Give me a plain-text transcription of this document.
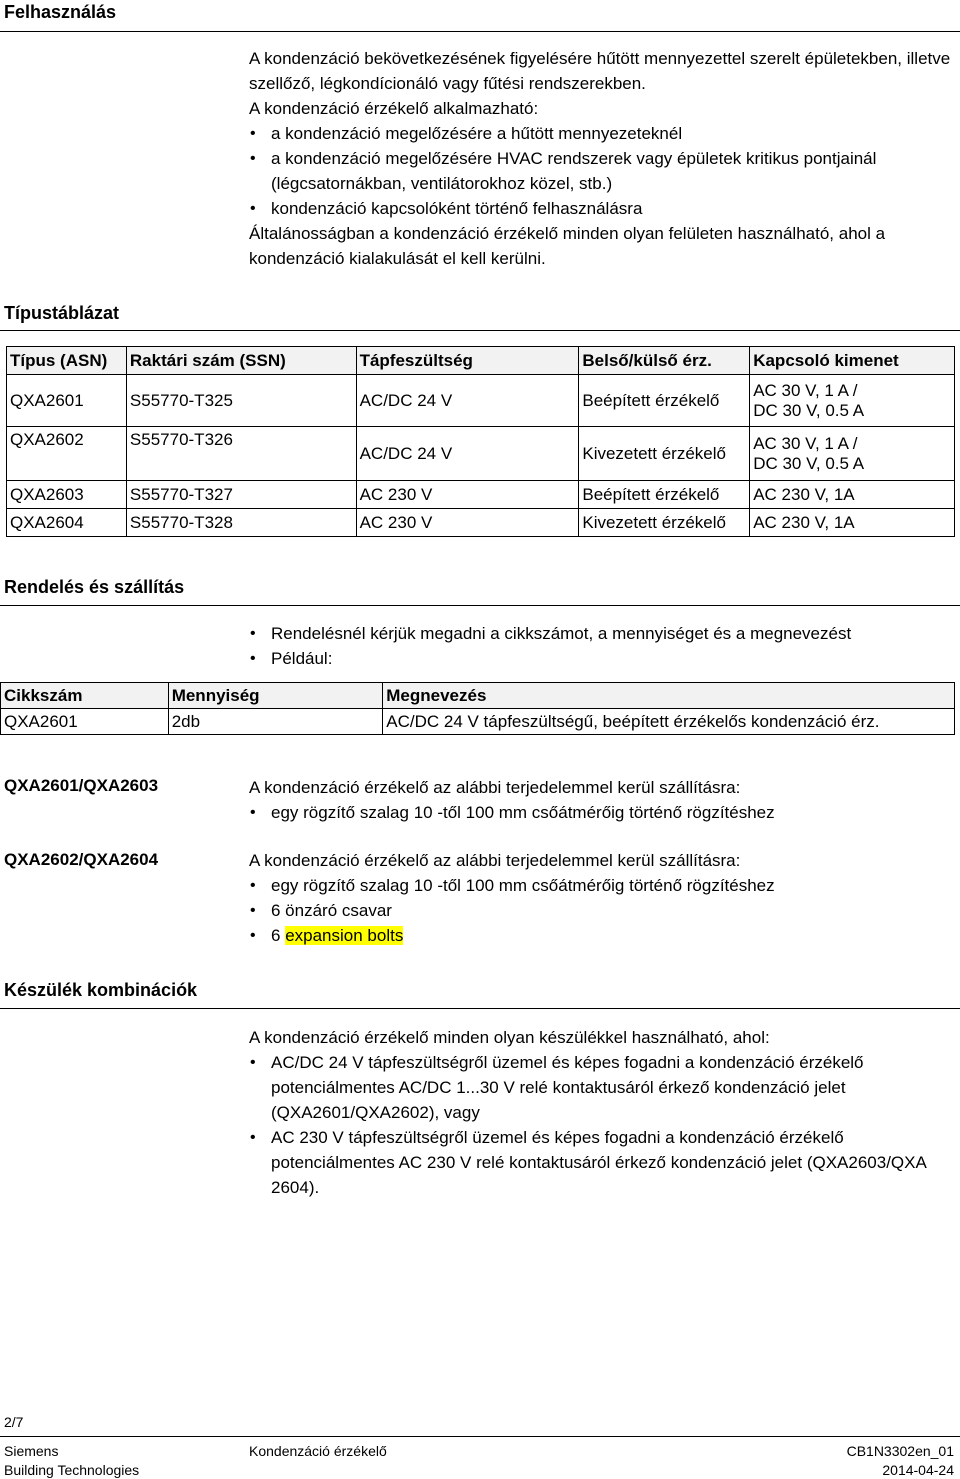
Felhasználás
A kondenzáció bekövetkezésének figyelésére hűtött mennyezettel szerelt épületekben, illetve szellőző, légkondícionáló vagy fűtési rendszerekben.
A kondenzáció érzékelő alkalmazható:
• a kondenzáció megelőzésére a hűtött mennyezeteknél
• a kondenzáció megelőzésére HVAC rendszerek vagy épületek kritikus pontjainál (légcsatornákban, ventilátorokhoz közel, stb.)
• kondenzáció kapcsolóként történő felhasználásra
Általánosságban a kondenzáció érzékelő minden olyan felületen használható, ahol a kondenzáció kialakulását el kell kerülni.
Típustáblázat
Típus (ASN)	Raktári szám (SSN)	Tápfeszültség	Belső/külső érz.	Kapcsoló kimenet
QXA2601	S55770-T325	AC/DC 24 V	Beépített érzékelő	AC 30 V, 1 A /
DC 30 V, 0.5 A

QXA2602	S55770-T326	AC/DC 24 V	Kivezetett érzékelő	AC 30 V, 1 A /
DC 30 V, 0.5 A

QXA2603	S55770-T327	AC 230 V	Beépített érzékelő	AC 230 V, 1A
QXA2604	S55770-T328	AC 230 V	Kivezetett érzékelő	AC 230 V, 1A
Rendelés és szállítás
• Rendelésnél kérjük megadni a cikkszámot, a mennyiséget és a megnevezést
• Például:
Cikkszám	Mennyiség	Megnevezés
QXA2601	2db	AC/DC 24 V tápfeszültségű, beépített érzékelős kondenzáció érz.
QXA2601/QXA2603	A kondenzáció érzékelő az alábbi terjedelemmel kerül szállításra:
• egy rögzítő szalag 10 -től 100 mm csőátmérőig történő rögzítéshez
QXA2602/QXA2604	A kondenzáció érzékelő az alábbi terjedelemmel kerül szállításra:
• egy rögzítő szalag 10 -től 100 mm csőátmérőig történő rögzítéshez
• 6 önzáró csavar
• 6 expansion bolts
Készülék kombinációk
A kondenzáció érzékelő minden olyan készülékkel használható, ahol:
• AC/DC 24 V tápfeszültségről üzemel és képes fogadni a kondenzáció érzékelő potenciálmentes AC/DC 1...30 V relé kontaktusáról érkező kondenzáció jelet (QXA2601/QXA2602), vagy
• AC 230 V tápfeszültségről üzemel és képes fogadni a kondenzáció érzékelő potenciálmentes AC 230 V relé kontaktusáról érkező kondenzáció jelet (QXA2603/QXA 2604).
2/7
Siemens
Building Technologies
Kondenzáció érzékelő	CB1N3302en_01
2014-04-24
